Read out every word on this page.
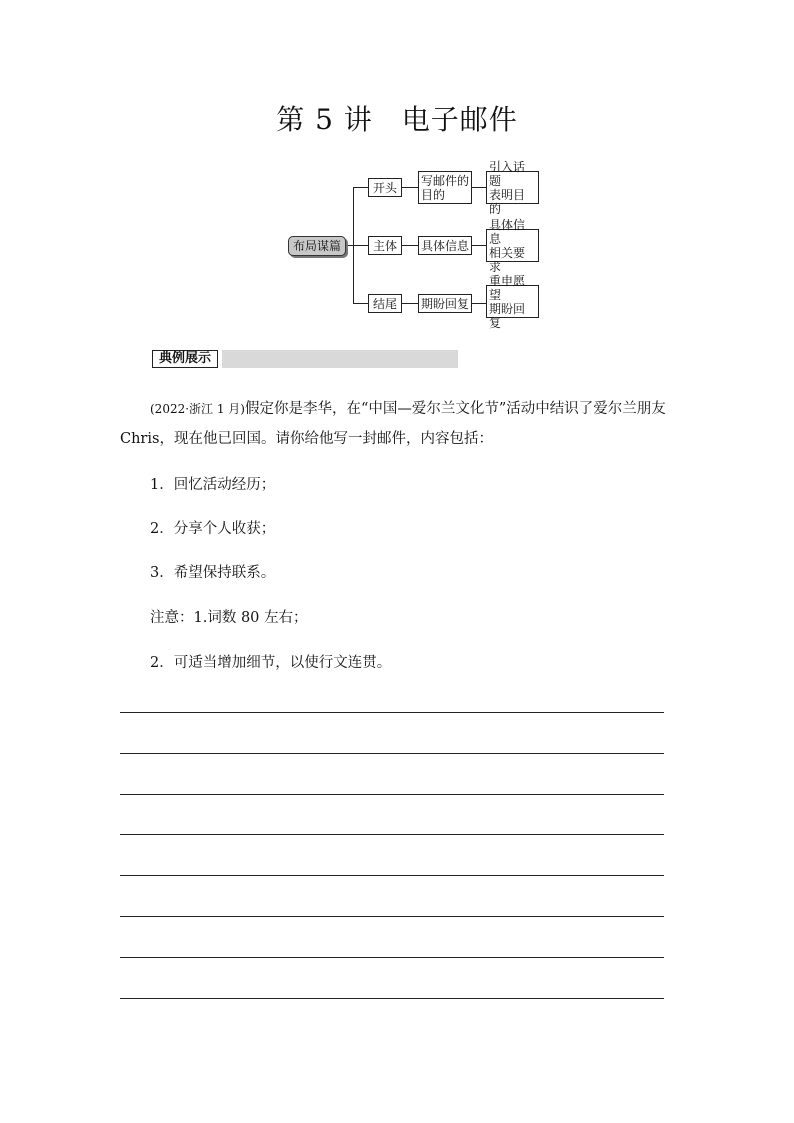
第 5 讲　电子邮件
布局谋篇
开头	写邮件的
目的
引入话题
表明目的
主体	具体信息
具体信息
相关要求
结尾	期盼回复
重申愿望
期盼回复
典例展示

(2022·浙江 1 月)假定你是李华，在“中国—爱尔兰文化节”活动中结识了爱尔兰朋友 Chris，现在他已回国。请你给他写一封邮件，内容包括：

1．回忆活动经历；

2．分享个人收获；

3．希望保持联系。

注意：1.词数 80 左右；

2．可适当增加细节，以使行文连贯。
